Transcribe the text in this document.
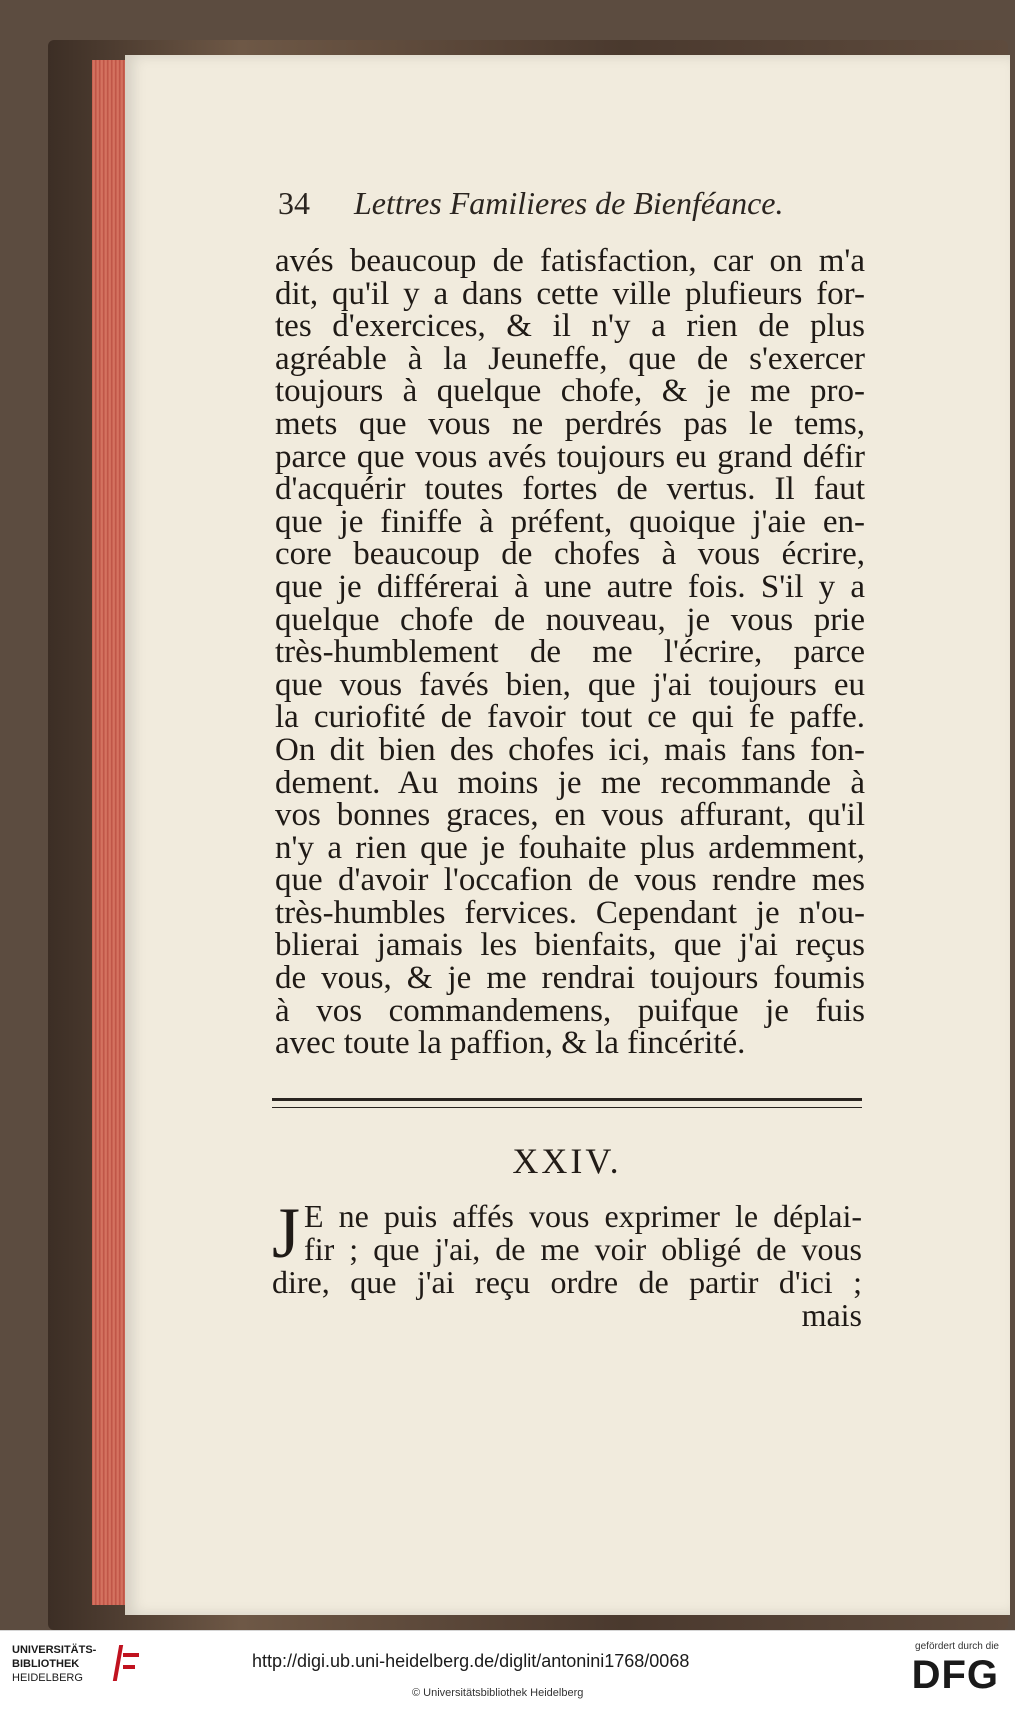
34 Lettres Familieres de Bienféance.
avés beaucoup de fatisfaction, car on m'a
dit, qu'il y a dans cette ville plufieurs for-
tes d'exercices, & il n'y a rien de plus
agréable à la Jeuneffe, que de s'exercer
toujours à quelque chofe, & je me pro-
mets que vous ne perdrés pas le tems,
parce que vous avés toujours eu grand défir
d'acquérir toutes fortes de vertus. Il faut
que je finiffe à préfent, quoique j'aie en-
core beaucoup de chofes à vous écrire,
que je différerai à une autre fois. S'il y a
quelque chofe de nouveau, je vous prie
très-humblement de me l'écrire, parce
que vous favés bien, que j'ai toujours eu
la curiofité de favoir tout ce qui fe paffe.
On dit bien des chofes ici, mais fans fon-
dement. Au moins je me recommande à
vos bonnes graces, en vous affurant, qu'il
n'y a rien que je fouhaite plus ardemment,
que d'avoir l'occafion de vous rendre mes
très-humbles fervices. Cependant je n'ou-
blierai jamais les bienfaits, que j'ai reçus
de vous, & je me rendrai toujours foumis
à vos commandemens, puifque je fuis
avec toute la paffion, & la fincérité.
XXIV.
J E ne puis affés vous exprimer le déplai-
fir ; que j'ai, de me voir obligé de vous
dire, que j'ai reçu ordre de partir d'ici ;
mais
UNIVERSITÄTS-
BIBLIOTHEK
HEIDELBERG
http://digi.ub.uni-heidelberg.de/diglit/antonini1768/0068
© Universitätsbibliothek Heidelberg
gefördert durch die
DFG
